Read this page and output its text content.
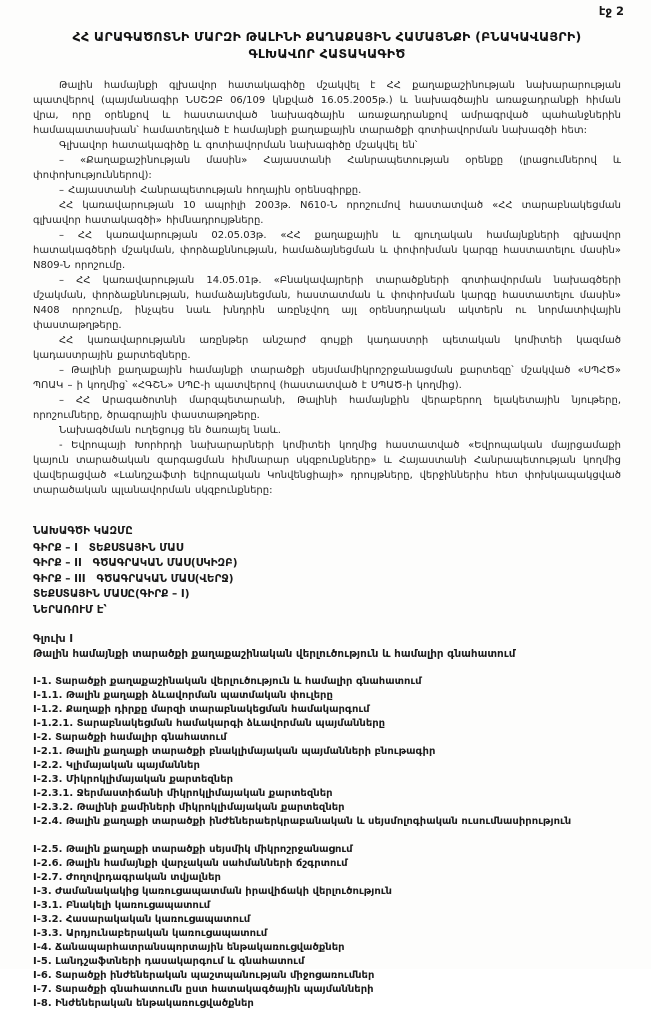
էջ 2
ՀՀ ԱՐԱԳԱԾՈՏՆԻ ՄԱՐԶԻ ԹԱԼԻՆԻ ՔԱՂԱՔԱՅԻՆ ՀԱՄԱՅՆՔԻ (ԲՆԱԿԱՎԱՅՐԻ)
ԳԼԽԱՎՈՐ ՀԱՏԱԿԱԳԻԾ

Թալին համայնքի գլխավոր հատակագիծը մշակվել է ՀՀ քաղաքաշինության նախարարության պատվերով (պայմանագիր ՆՍՇԶԲ 06/109 կնքված 16.05.2005թ.) և նախագծային առաջադրանքի հիման վրա, որը օրենքով և հաստատված նախագծային առաջադրանքով ամրագրված պահանջներին համապատասխան՝ համատեղված է համայնքի քաղաքային տարածքի գոտիավորման նախագծի հետ:

Գլխավոր հատակագիծը և գոտիավորման նախագիծը մշակվել են՝

– «Քաղաքաշինության մասին» Հայաստանի Հանրապետության օրենքը (լրացումներով և փոփոխություններով):

– Հայաստանի Հանրապետության հողային օրենսգիրքը.

ՀՀ կառավարության 10 ապրիլի 2003թ. N610-Ն որոշումով հաստատված «ՀՀ տարաբնակեցման գլխավոր հատակագծի» հիմնադրույթները.

– ՀՀ կառավարության 02.05.03թ. «ՀՀ քաղաքային և գյուղական համայնքների գլխավոր հատակագծերի մշակման, փորձաքննության, համաձայնեցման և փոփոխման կարգը հաստատելու մասին» N809-Ն որոշումը.

– ՀՀ կառավարության 14.05.01թ. «Բնակավայրերի տարածքների գոտիավորման նախագծերի մշակման, փորձաքննության, համաձայնեցման, հաստատման և փոփոխման կարգը հաստատելու մասին» N408 որոշումը, ինչպես նաև խնդրին առընչվող այլ օրենսդրական ակտերն ու նորմատիվային փաստաթղթերը.

ՀՀ կառավարությանն առընթեր անշարժ գույքի կադաստրի պետական կոմիտեի կազմած կադաստրային քարտեզները.

– Թալինի քաղաքային համայնքի տարածքի սեյսմամիկրոշրջանացման քարտեզը՝ մշակված «ՍՊՀԾ» ՊՈԱԿ – ի կողմից՝ «ՀԳՇՆ» ՍՊԸ-ի պատվերով (հաստատված է ՍՊԱԾ-ի կողմից).

– ՀՀ Արագածոտնի մարզպետարանի, Թալինի համայնքին վերաբերող ելակետային նյութերը, որոշումները, ծրագրային փաստաթղթերը.

Նախագծման ուղեցույց են ծառայել նաև.

- Եվրոպայի Խորհրդի նախարարների կոմիտեի կողմից հաստատված «Եվրոպական մայրցամաքի կայուն տարածական զարգացման հիմնարար սկզբունքները» և Հայաստանի Հանրապետության կողմից վավերացված «Լանդշաֆտի եվրոպական Կոնվենցիայի» դրույթները, վերջիններիս հետ փոխկապակցված տարածական պլանավորման սկզբունքները:

ՆԱԽԱԳԾԻ ԿԱԶՄԸ
ԳԻՐՔ – I   ՏԵՔՍՏԱՅԻՆ ՄԱՍ
ԳԻՐՔ – II   ԳԾԱԳՐԱԿԱՆ ՄԱՍ(ՍԿԻԶԲ)
ԳԻՐՔ – III   ԳԾԱԳՐԱԿԱՆ ՄԱՍ(ՎԵՐՋ)
ՏԵՔՍՏԱՅԻՆ ՄԱՍԸ(ԳԻՐՔ – I)
ՆԵՐԱՌՈՒՄ Է՝
Գլուխ I
Թալին համայնքի տարածքի քաղաքաշինական վերլուծություն և համալիր գնահատում
I-1. Տարածքի քաղաքաշինական վերլուծություն և համալիր գնահատում
I-1.1. Թալին քաղաքի ձևավորման պատմական փուլերը
I-1.2. Քաղաքի դիրքը մարզի տարաբնակեցման համակարգում
I-1.2.1. Տարաբնակեցման համակարգի ձևավորման պայմանները
I-2. Տարածքի համալիր գնահատում
I-2.1. Թալին քաղաքի տարածքի բնակլիմայական պայմանների բնութագիր
I-2.2. Կլիմայական պայմաններ
I-2.3. Միկրոկլիմայական քարտեզներ
I-2.3.1. Ջերմաստիճանի միկրոկլիմայական քարտեզներ
I-2.3.2. Թալինի քամիների միկրոկլիմայական քարտեզներ
I-2.4. Թալին քաղաքի տարածքի ինժեներաերկրաբանական և սեյսմոլոգիական ուսումնասիրություն
I-2.5. Թալին քաղաքի տարածքի սեյսմիկ միկրոշրջանացում
I-2.6. Թալին համայնքի վարչական սահմանների ճշգրտում
I-2.7. Ժողովրդագրական տվյալներ
I-3. Ժամանակակից կառուցապատման իրավիճակի վերլուծություն
I-3.1. Բնակելի կառուցապատում
I-3.2. Հասարակական կառուցապատում
I-3.3. Արդյունաբերական կառուցապատում
I-4. Ճանապարհատրանսպորտային ենթակառուցվածքներ
I-5. Լանդշաֆտների դասակարգում և գնահատում
I-6. Տարածքի ինժեներական պաշտպանության միջոցառումներ
I-7. Տարածքի գնահատումն ըստ հատակագծային պայմանների
I-8. Ինժեներական ենթակառուցվածքներ
